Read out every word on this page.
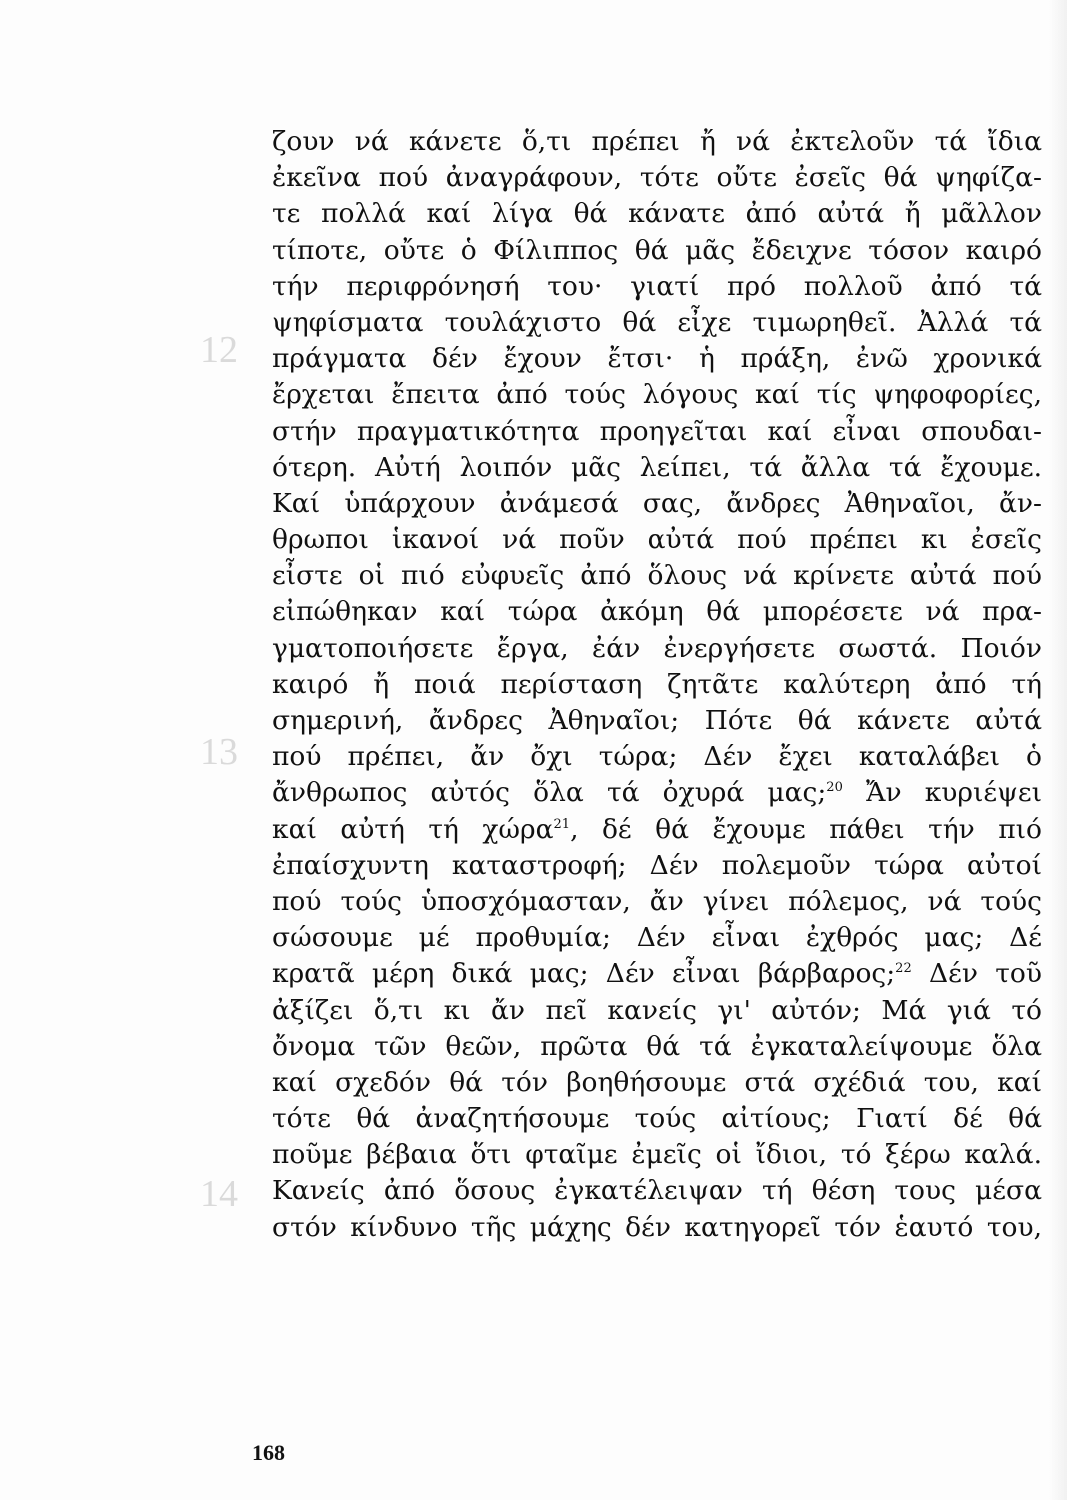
12
13
14
ζουν νά κάνετε ὅ,τι πρέπει ἤ νά ἐκτελοῦν τά ἴδια
ἐκεῖνα πού ἀναγράφουν, τότε οὔτε ἐσεῖς θά ψηφίζα-
τε πολλά καί λίγα θά κάνατε ἀπό αὐτά ἤ μᾶλλον
τίποτε, οὔτε ὁ Φίλιππος θά μᾶς ἔδειχνε τόσον καιρό
τήν περιφρόνησή του· γιατί πρό πολλοῦ ἀπό τά
ψηφίσματα τουλάχιστο θά εἶχε τιμωρηθεῖ. Ἀλλά τά
πράγματα δέν ἔχουν ἔτσι· ἡ πράξη, ἐνῶ χρονικά
ἔρχεται ἔπειτα ἀπό τούς λόγους καί τίς ψηφοφορίες,
στήν πραγματικότητα προηγεῖται καί εἶναι σπουδαι-
ότερη. Αὐτή λοιπόν μᾶς λείπει, τά ἄλλα τά ἔχουμε.
Καί ὑπάρχουν ἀνάμεσά σας, ἄνδρες Ἀθηναῖοι, ἄν-
θρωποι ἱκανοί νά ποῦν αὐτά πού πρέπει κι ἐσεῖς
εἶστε οἱ πιό εὐφυεῖς ἀπό ὅλους νά κρίνετε αὐτά πού
εἰπώθηκαν καί τώρα ἀκόμη θά μπορέσετε νά πρα-
γματοποιήσετε ἔργα, ἐάν ἐνεργήσετε σωστά. Ποιόν
καιρό ἤ ποιά περίσταση ζητᾶτε καλύτερη ἀπό τή
σημερινή, ἄνδρες Ἀθηναῖοι; Πότε θά κάνετε αὐτά
πού πρέπει, ἄν ὄχι τώρα; Δέν ἔχει καταλάβει ὁ
ἄνθρωπος αὐτός ὅλα τά ὀχυρά μας;$^{20}$ Ἄν κυριέψει
καί αὐτή τή χώρα$^{21}$, δέ θά ἔχουμε πάθει τήν πιό
ἐπαίσχυντη καταστροφή; Δέν πολεμοῦν τώρα αὐτοί
πού τούς ὑποσχόμασταν, ἄν γίνει πόλεμος, νά τούς
σώσουμε μέ προθυμία; Δέν εἶναι ἐχθρός μας; Δέ
κρατᾶ μέρη δικά μας; Δέν εἶναι βάρβαρος;$^{22}$ Δέν τοῦ
ἀξίζει ὅ,τι κι ἄν πεῖ κανείς γι' αὐτόν; Μά γιά τό
ὄνομα τῶν θεῶν, πρῶτα θά τά ἐγκαταλείψουμε ὅλα
καί σχεδόν θά τόν βοηθήσουμε στά σχέδιά του, καί
τότε θά ἀναζητήσουμε τούς αἰτίους; Γιατί δέ θά
ποῦμε βέβαια ὅτι φταῖμε ἐμεῖς οἱ ἴδιοι, τό ξέρω καλά.
Κανείς ἀπό ὅσους ἐγκατέλειψαν τή θέση τους μέσα
στόν κίνδυνο τῆς μάχης δέν κατηγορεῖ τόν ἑαυτό του,
168
